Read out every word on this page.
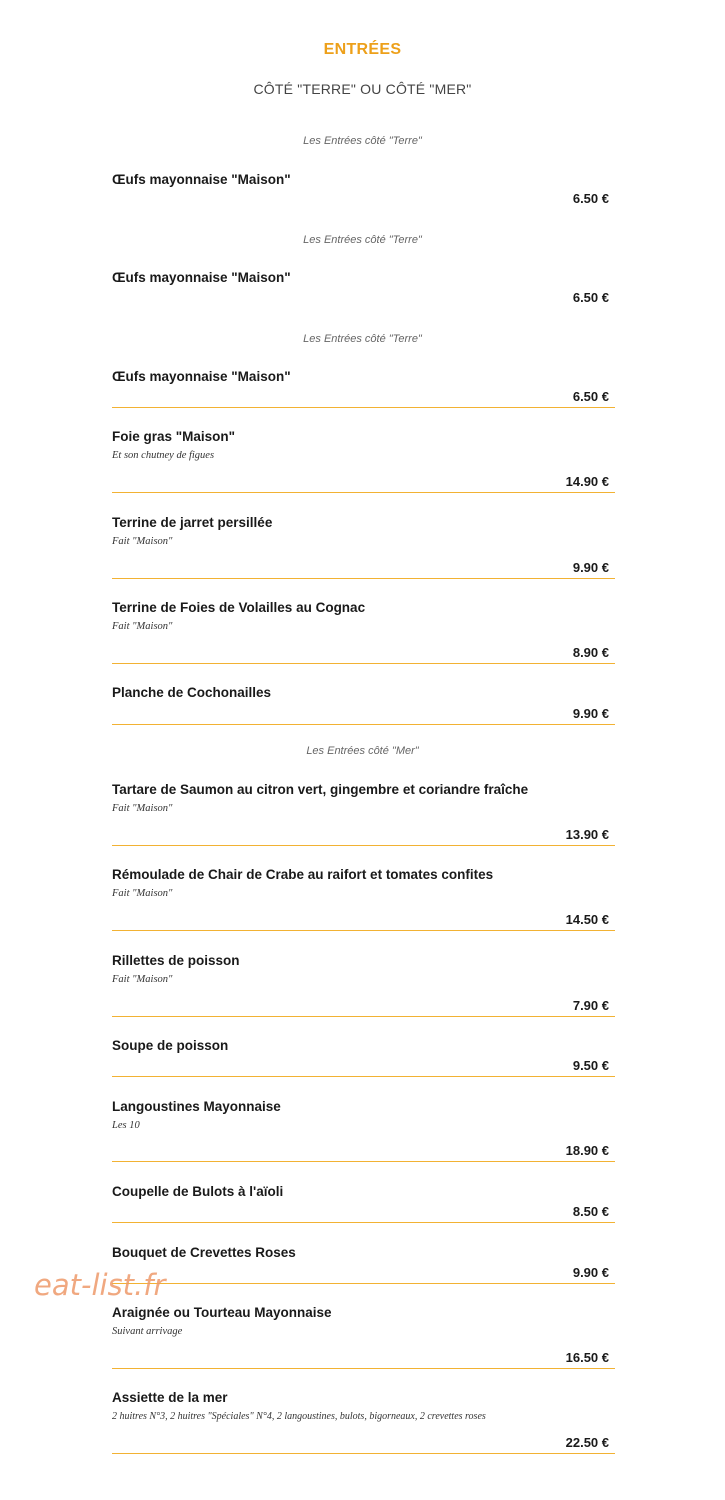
ENTRÉES
CÔTÉ "TERRE" OU CÔTÉ "MER"
Les Entrées côté "Terre"
Œufs mayonnaise "Maison"
6.50 €
Les Entrées côté "Terre"
Œufs mayonnaise "Maison"
6.50 €
Les Entrées côté "Terre"
Œufs mayonnaise "Maison"
6.50 €
Foie gras "Maison"
Et son chutney de figues
14.90 €
Terrine de jarret persillée
Fait "Maison"
9.90 €
Terrine de Foies de Volailles au Cognac
Fait "Maison"
8.90 €
Planche de Cochonailles
9.90 €
Les Entrées côté "Mer"
Tartare de Saumon au citron vert, gingembre et coriandre fraîche
Fait "Maison"
13.90 €
Rémoulade de Chair de Crabe au raifort et tomates confites
Fait "Maison"
14.50 €
Rillettes de poisson
Fait "Maison"
7.90 €
Soupe de poisson
9.50 €
Langoustines Mayonnaise
Les 10
18.90 €
Coupelle de Bulots à l'aïoli
8.50 €
Bouquet de Crevettes Roses
9.90 €
Araignée ou Tourteau Mayonnaise
Suivant arrivage
16.50 €
Assiette de la mer
2 huitres N°3, 2 huitres "Spéciales" N°4, 2 langoustines, bulots, bigorneaux, 2 crevettes roses
22.50 €
eat-list.fr
